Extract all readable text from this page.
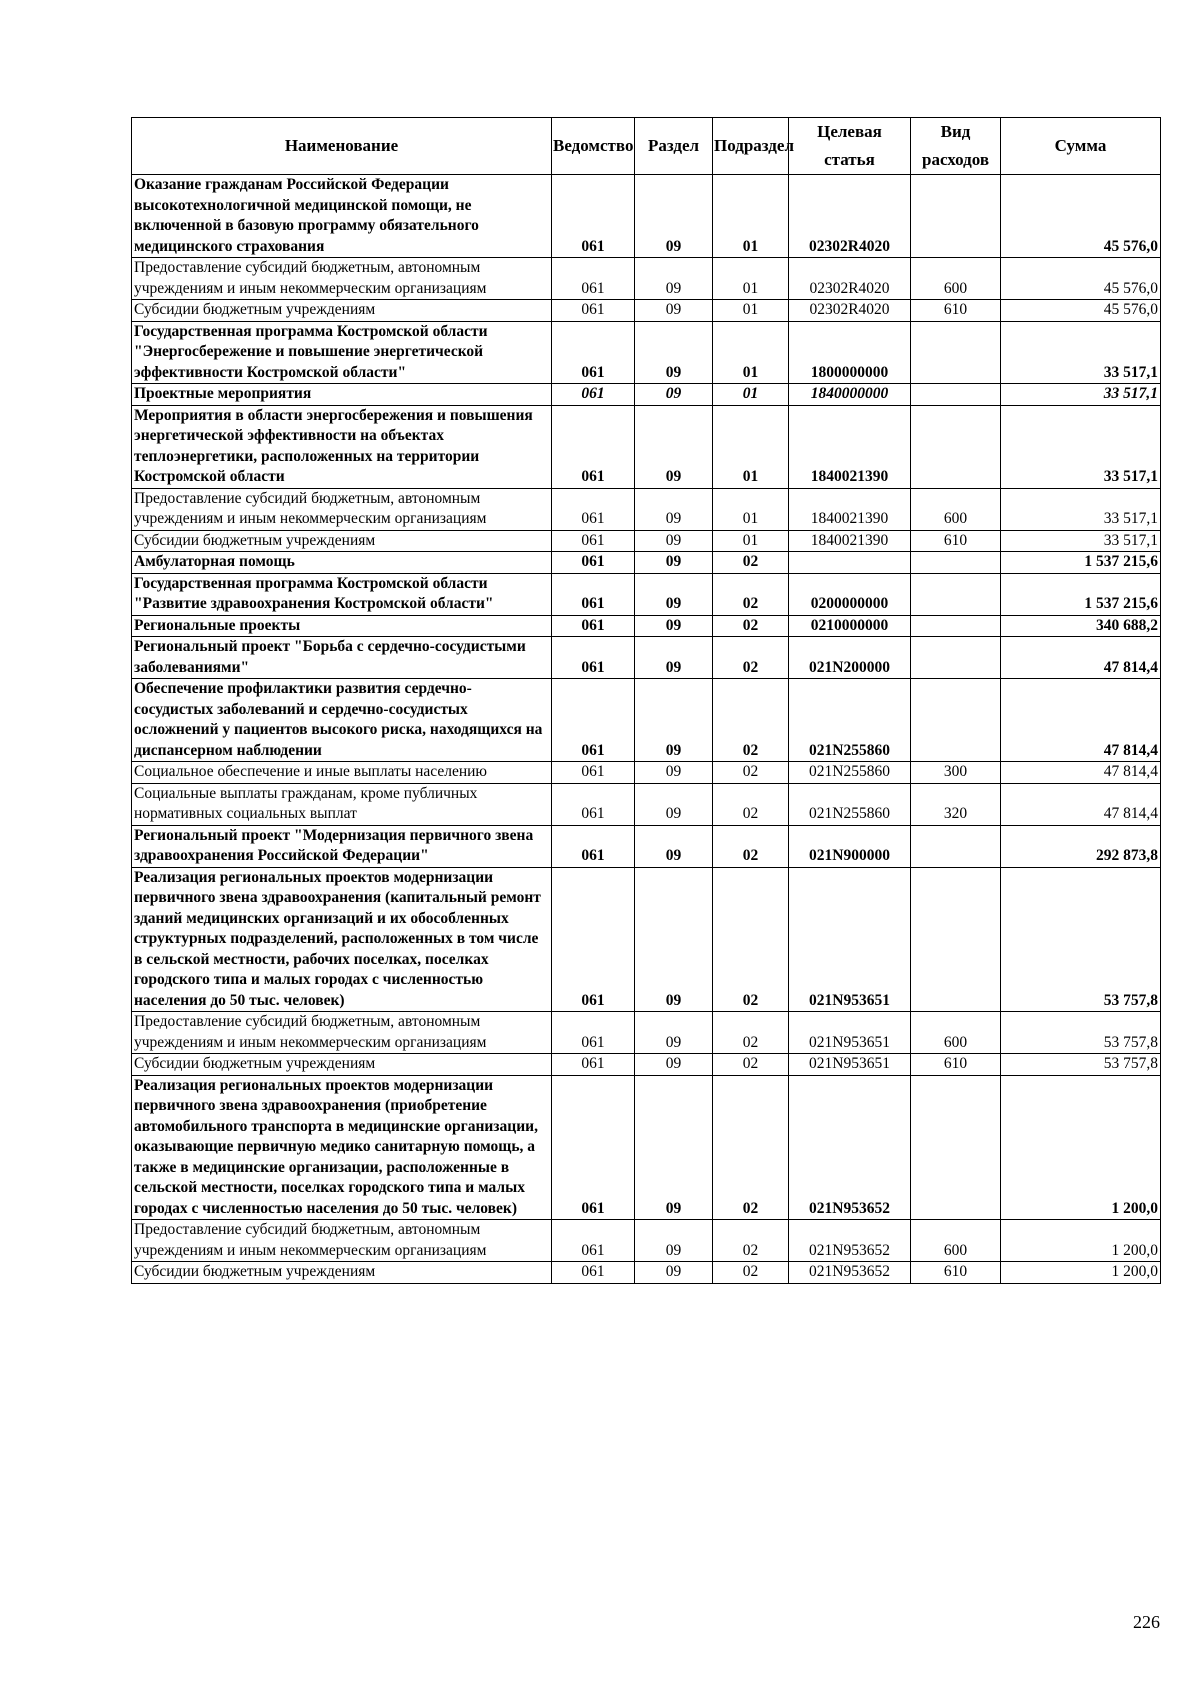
Наименование	Ведомство	Раздел	Подраздел	Целевая статья	Вид расходов	Сумма
Оказание гражданам Российской Федерации высокотехнологичной медицинской помощи, не включенной в базовую программу обязательного медицинского страхования	061	09	01	02302R4020		45 576,0
Предоставление субсидий бюджетным, автономным учреждениям и иным некоммерческим организациям	061	09	01	02302R4020	600	45 576,0
Субсидии бюджетным учреждениям	061	09	01	02302R4020	610	45 576,0
Государственная программа Костромской области "Энергосбережение и повышение энергетической эффективности Костромской области"	061	09	01	1800000000		33 517,1
Проектные мероприятия	061	09	01	1840000000		33 517,1
Мероприятия в области энергосбережения и повышения энергетической эффективности на объектах теплоэнергетики, расположенных на территории Костромской области	061	09	01	1840021390		33 517,1
Предоставление субсидий бюджетным, автономным учреждениям и иным некоммерческим организациям	061	09	01	1840021390	600	33 517,1
Субсидии бюджетным учреждениям	061	09	01	1840021390	610	33 517,1
Амбулаторная помощь	061	09	02			1 537 215,6
Государственная программа Костромской области "Развитие здравоохранения Костромской области"	061	09	02	0200000000		1 537 215,6
Региональные проекты	061	09	02	0210000000		340 688,2
Региональный проект "Борьба с сердечно-сосудистыми заболеваниями"	061	09	02	021N200000		47 814,4
Обеспечение профилактики развития сердечно-сосудистых заболеваний и сердечно-сосудистых осложнений у пациентов высокого риска, находящихся на диспансерном наблюдении	061	09	02	021N255860		47 814,4
Социальное обеспечение и иные выплаты населению	061	09	02	021N255860	300	47 814,4
Социальные выплаты гражданам, кроме публичных нормативных социальных выплат	061	09	02	021N255860	320	47 814,4
Региональный проект "Модернизация первичного звена здравоохранения Российской Федерации"	061	09	02	021N900000		292 873,8
Реализация региональных проектов модернизации первичного звена здравоохранения (капитальный ремонт зданий медицинских организаций и их обособленных структурных подразделений, расположенных в том числе в сельской местности, рабочих поселках, поселках городского типа и малых городах с численностью населения до 50 тыс. человек)	061	09	02	021N953651		53 757,8
Предоставление субсидий бюджетным, автономным учреждениям и иным некоммерческим организациям	061	09	02	021N953651	600	53 757,8
Субсидии бюджетным учреждениям	061	09	02	021N953651	610	53 757,8
Реализация региональных проектов модернизации первичного звена здравоохранения (приобретение автомобильного транспорта в медицинские организации, оказывающие первичную медико санитарную помощь, а также в медицинские организации, расположенные в сельской местности, поселках городского типа и малых городах с численностью населения до 50 тыс. человек)	061	09	02	021N953652		1 200,0
Предоставление субсидий бюджетным, автономным учреждениям и иным некоммерческим организациям	061	09	02	021N953652	600	1 200,0
Субсидии бюджетным учреждениям	061	09	02	021N953652	610	1 200,0
226
